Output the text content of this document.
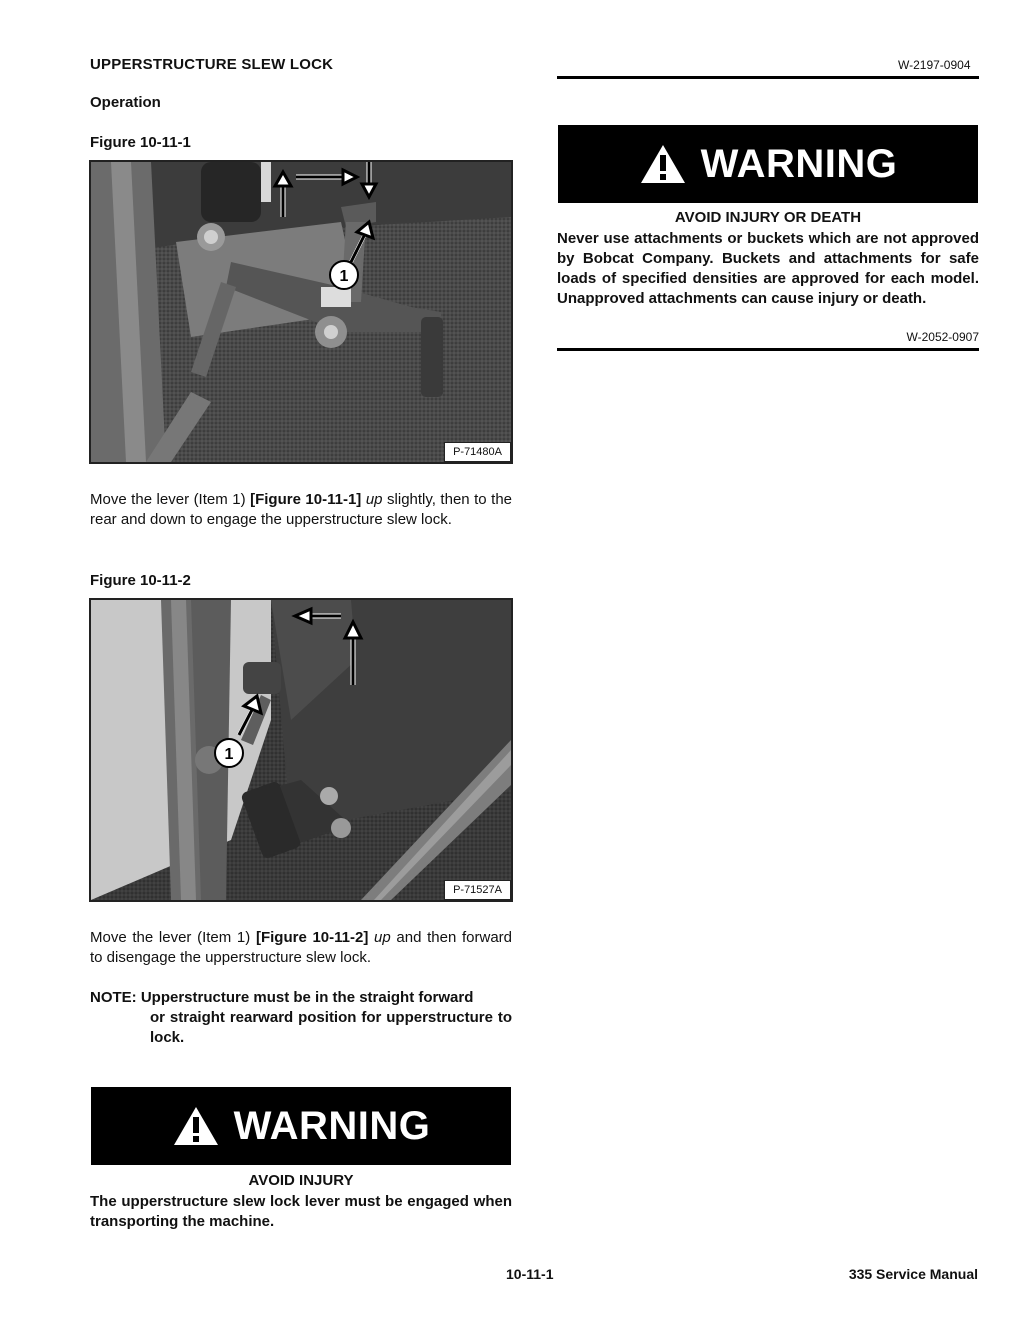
UPPERSTRUCTURE SLEW LOCK	W-2197-0904
Operation
Figure 10-11-1
1
P-71480A
Move the lever (Item 1) [Figure 10-11-1] up slightly, then to the rear and down to engage the upperstructure slew lock.
Figure 10-11-2
1
P-71527A
Move the lever (Item 1) [Figure 10-11-2] up and then forward to disengage the upperstructure slew lock.
NOTE: Upperstructure must be in the straight forward
or straight rearward position for upperstructure to lock.
WARNING
AVOID INJURY
The upperstructure slew lock lever must be engaged when transporting the machine.
WARNING
AVOID INJURY OR DEATH
Never use attachments or buckets which are not approved by Bobcat Company. Buckets and attachments for safe loads of specified densities are approved for each model. Unapproved attachments can cause injury or death.
W-2052-0907
10-11-1	335 Service Manual
